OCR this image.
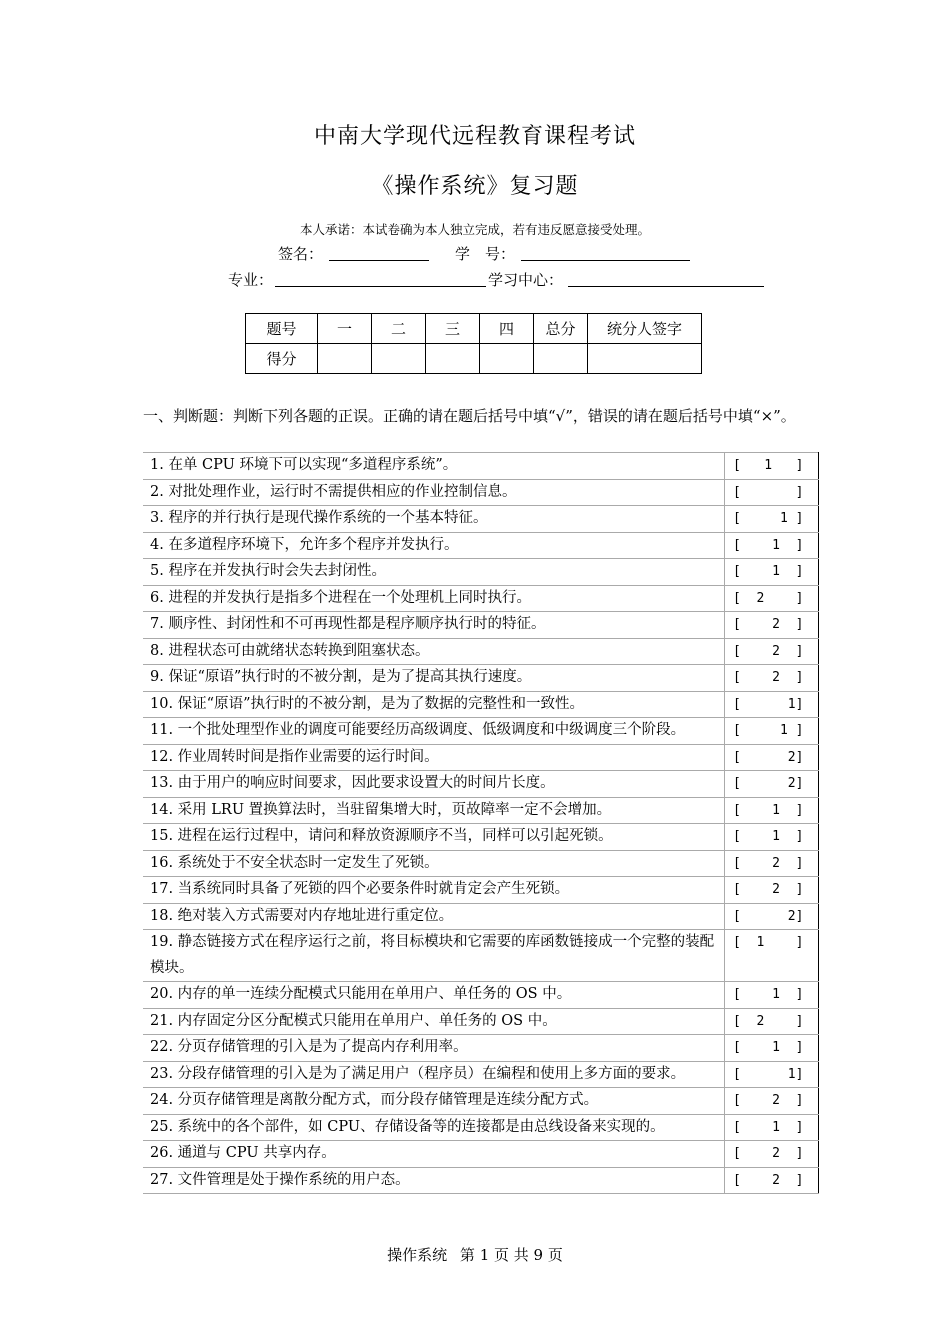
中南大学现代远程教育课程考试
《操作系统》复习题
本人承诺：本试卷确为本人独立完成，若有违反愿意接受处理。
签名：	学　号：
专业：	学习中心：
题号	一	二	三	四	总分	统分人签字
得分						
一、判断题：判断下列各题的正误。正确的请在题后括号中填“√”，错误的请在题后括号中填“×”。
1. 在单 CPU 环境下可以实现“多道程序系统”。	[   1   ]
2. 对批处理作业，运行时不需提供相应的作业控制信息。	[       ]
3. 程序的并行执行是现代操作系统的一个基本特征。	[     1 ]
4. 在多道程序环境下，允许多个程序并发执行。	[    1  ]
5. 程序在并发执行时会失去封闭性。	[    1  ]
6. 进程的并发执行是指多个进程在一个处理机上同时执行。	[  2    ]
7. 顺序性、封闭性和不可再现性都是程序顺序执行时的特征。	[    2  ]
8. 进程状态可由就绪状态转换到阻塞状态。	[    2  ]
9. 保证“原语”执行时的不被分割，是为了提高其执行速度。	[    2  ]
10. 保证“原语”执行时的不被分割，是为了数据的完整性和一致性。	[      1]
11. 一个批处理型作业的调度可能要经历高级调度、低级调度和中级调度三个阶段。	[     1 ]
12. 作业周转时间是指作业需要的运行时间。	[      2]
13. 由于用户的响应时间要求，因此要求设置大的时间片长度。	[      2]
14. 采用 LRU 置换算法时，当驻留集增大时，页故障率一定不会增加。	[    1  ]
15. 进程在运行过程中，请问和释放资源顺序不当，同样可以引起死锁。	[    1  ]
16. 系统处于不安全状态时一定发生了死锁。	[    2  ]
17. 当系统同时具备了死锁的四个必要条件时就肯定会产生死锁。	[    2  ]
18. 绝对装入方式需要对内存地址进行重定位。	[      2]
19. 静态链接方式在程序运行之前，将目标模块和它需要的库函数链接成一个完整的装配模块。	[  1    ]
20. 内存的单一连续分配模式只能用在单用户、单任务的 OS 中。	[    1  ]
21. 内存固定分区分配模式只能用在单用户、单任务的 OS 中。	[  2    ]
22. 分页存储管理的引入是为了提高内存利用率。	[    1  ]
23. 分段存储管理的引入是为了满足用户（程序员）在编程和使用上多方面的要求。	[      1]
24. 分页存储管理是离散分配方式，而分段存储管理是连续分配方式。	[    2  ]
25. 系统中的各个部件，如 CPU、存储设备等的连接都是由总线设备来实现的。	[    1  ]
26. 通道与 CPU 共享内存。	[    2  ]
27. 文件管理是处于操作系统的用户态。	[    2  ]
操作系统 第 1 页 共 9 页
